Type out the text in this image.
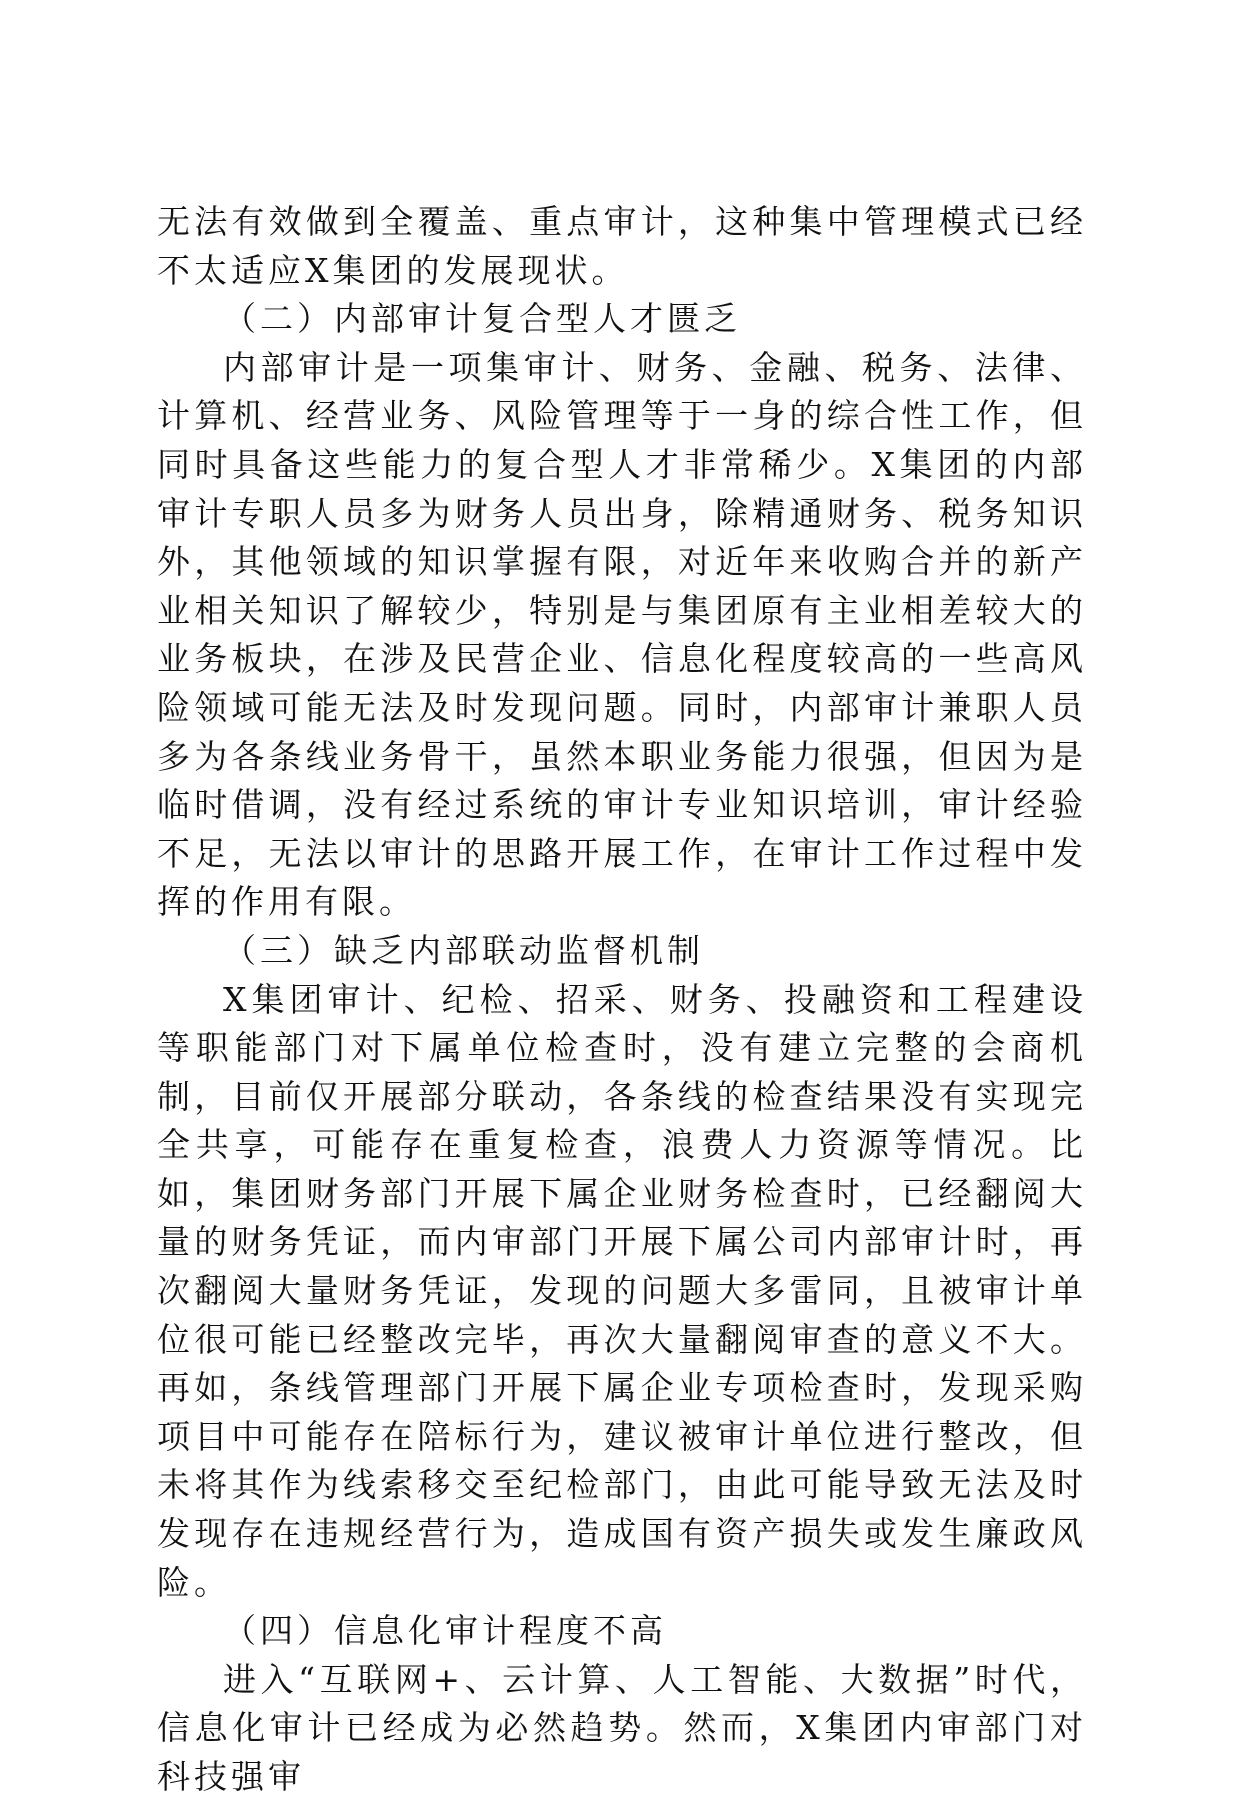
无法有效做到全覆盖、重点审计，这种集中管理模式已经不太适应X集团的发展现状。

（二）内部审计复合型人才匮乏

内部审计是一项集审计、财务、金融、税务、法律、计算机、经营业务、风险管理等于一身的综合性工作，但同时具备这些能力的复合型人才非常稀少。X集团的内部审计专职人员多为财务人员出身，除精通财务、税务知识外，其他领域的知识掌握有限，对近年来收购合并的新产业相关知识了解较少，特别是与集团原有主业相差较大的业务板块，在涉及民营企业、信息化程度较高的一些高风险领域可能无法及时发现问题。同时，内部审计兼职人员多为各条线业务骨干，虽然本职业务能力很强，但因为是临时借调，没有经过系统的审计专业知识培训，审计经验不足，无法以审计的思路开展工作，在审计工作过程中发挥的作用有限。

（三）缺乏内部联动监督机制

X集团审计、纪检、招采、财务、投融资和工程建设等职能部门对下属单位检查时，没有建立完整的会商机制，目前仅开展部分联动，各条线的检查结果没有实现完全共享，可能存在重复检查，浪费人力资源等情况。比如，集团财务部门开展下属企业财务检查时，已经翻阅大量的财务凭证，而内审部门开展下属公司内部审计时，再次翻阅大量财务凭证，发现的问题大多雷同，且被审计单位很可能已经整改完毕，再次大量翻阅审查的意义不大。再如，条线管理部门开展下属企业专项检查时，发现采购项目中可能存在陪标行为，建议被审计单位进行整改，但未将其作为线索移交至纪检部门，由此可能导致无法及时发现存在违规经营行为，造成国有资产损失或发生廉政风险。

（四）信息化审计程度不高

进入“互联网+、云计算、人工智能、大数据”时代，信息化审计已经成为必然趋势。然而，X集团内审部门对科技强审
